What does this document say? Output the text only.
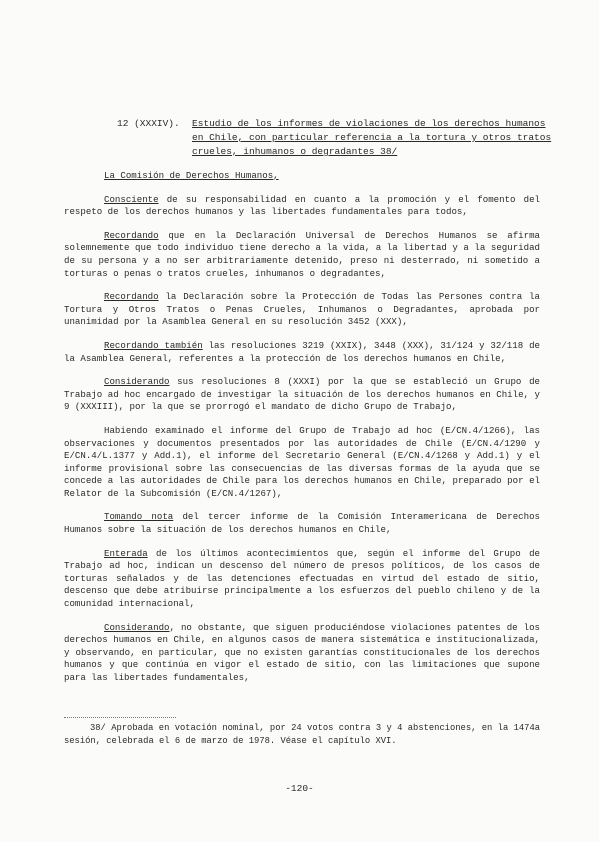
12 (XXXIV). Estudio de los informes de violaciones de los derechos humanos en Chile, con particular referencia a la tortura y otros tratos crueles, inhumanos o degradantes 38/

La Comisión de Derechos Humanos,

Consciente de su responsabilidad en cuanto a la promoción y el fomento del respeto de los derechos humanos y las libertades fundamentales para todos,

Recordando que en la Declaración Universal de Derechos Humanos se afirma solemnemente que todo individuo tiene derecho a la vida, a la libertad y a la seguridad de su persona y a no ser arbitrariamente detenido, preso ni desterrado, ni sometido a torturas o penas o tratos crueles, inhumanos o degradantes,

Recordando la Declaración sobre la Protección de Todas las Persones contra la Tortura y Otros Tratos o Penas Crueles, Inhumanos o Degradantes, aprobada por unanimidad por la Asamblea General en su resolución 3452 (XXX),

Recordando también las resoluciones 3219 (XXIX), 3448 (XXX), 31/124 y 32/118 de la Asamblea General, referentes a la protección de los derechos humanos en Chile,

Considerando sus resoluciones 8 (XXXI) por la que se estableció un Grupo de Trabajo ad hoc encargado de investigar la situación de los derechos humanos en Chile, y 9 (XXXIII), por la que se prorrogó el mandato de dicho Grupo de Trabajo,

Habiendo examinado el informe del Grupo de Trabajo ad hoc (E/CN.4/1266), las observaciones y documentos presentados por las autoridades de Chile (E/CN.4/1290 y E/CN.4/L.1377 y Add.1), el informe del Secretario General (E/CN.4/1268 y Add.1) y el informe provisional sobre las consecuencias de las diversas formas de la ayuda que se concede a las autoridades de Chile para los derechos humanos en Chile, preparado por el Relator de la Subcomisión (E/CN.4/1267),

Tomando nota del tercer informe de la Comisión Interamericana de Derechos Humanos sobre la situación de los derechos humanos en Chile,

Enterada de los últimos acontecimientos que, según el informe del Grupo de Trabajo ad hoc, indican un descenso del número de presos políticos, de los casos de torturas señalados y de las detenciones efectuadas en virtud del estado de sitio, descenso que debe atribuirse principalmente a los esfuerzos del pueblo chileno y de la comunidad internacional,

Considerando, no obstante, que siguen produciéndose violaciones patentes de los derechos humanos en Chile, en algunos casos de manera sistemática e institucionalizada, y observando, en particular, que no existen garantías constitucionales de los derechos humanos y que continúa en vigor el estado de sitio, con las limitaciones que supone para las libertades fundamentales,

38/ Aprobada en votación nominal, por 24 votos contra 3 y 4 abstenciones, en la 1474a sesión, celebrada el 6 de marzo de 1978. Véase el capítulo XVI.
-120-
